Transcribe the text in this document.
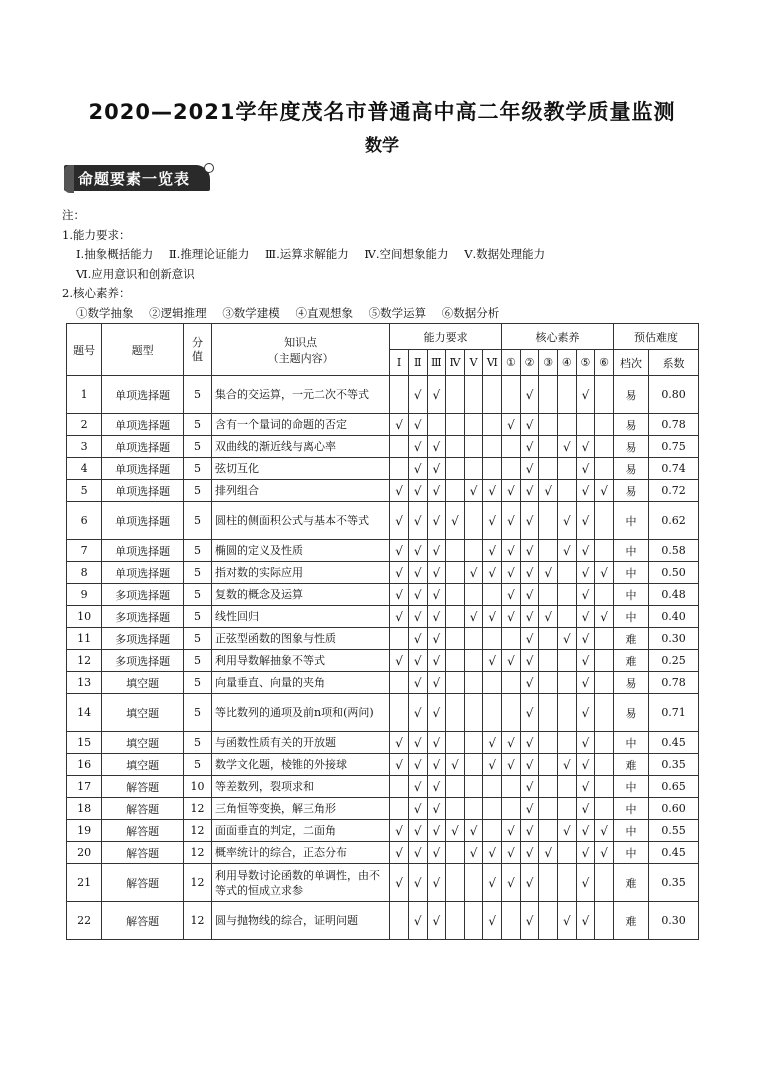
2020—2021学年度茂名市普通高中高二年级教学质量监测
数学
命题要素一览表
注：
1.能力要求：
Ⅰ.抽象概括能力 Ⅱ.推理论证能力 Ⅲ.运算求解能力 Ⅳ.空间想象能力 Ⅴ.数据处理能力
Ⅵ.应用意识和创新意识
2.核心素养：
①数学抽象 ②逻辑推理 ③数学建模 ④直观想象 ⑤数学运算 ⑥数据分析
题号	题型	分值	知识点
（主题内容）	能力要求						核心素养						预估难度	
				Ⅰ	Ⅱ	Ⅲ	Ⅳ	Ⅴ	Ⅵ	①	②	③	④	⑤	⑥	档次	系数
1	单项选择题	5	集合的交运算，一元二次不等式		√	√					√			√		易	0.80
2	单项选择题	5	含有一个量词的命题的否定	√	√					√	√					易	0.78
3	单项选择题	5	双曲线的渐近线与离心率		√	√					√		√	√		易	0.75
4	单项选择题	5	弦切互化		√	√					√			√		易	0.74
5	单项选择题	5	排列组合	√	√	√		√	√	√	√	√		√	√	易	0.72
6	单项选择题	5	圆柱的侧面积公式与基本不等式	√	√	√	√		√	√	√		√	√		中	0.62
7	单项选择题	5	椭圆的定义及性质	√	√	√			√	√	√		√	√		中	0.58
8	单项选择题	5	指对数的实际应用	√	√	√		√	√	√	√	√		√	√	中	0.50
9	多项选择题	5	复数的概念及运算	√	√	√				√	√			√		中	0.48
10	多项选择题	5	线性回归	√	√	√		√	√	√	√	√		√	√	中	0.40
11	多项选择题	5	正弦型函数的图象与性质		√	√					√		√	√		难	0.30
12	多项选择题	5	利用导数解抽象不等式	√	√	√			√	√	√			√		难	0.25
13	填空题	5	向量垂直、向量的夹角		√	√					√			√		易	0.78
14	填空题	5	等比数列的通项及前n项和(两问)		√	√					√			√		易	0.71
15	填空题	5	与函数性质有关的开放题	√	√	√			√	√	√			√		中	0.45
16	填空题	5	数学文化题，棱锥的外接球	√	√	√	√		√	√	√		√	√		难	0.35
17	解答题	10	等差数列，裂项求和		√	√					√			√		中	0.65
18	解答题	12	三角恒等变换，解三角形		√	√					√			√		中	0.60
19	解答题	12	面面垂直的判定，二面角	√	√	√	√	√		√	√		√	√	√	中	0.55
20	解答题	12	概率统计的综合，正态分布	√	√	√		√	√	√	√	√		√	√	中	0.45
21	解答题	12	利用导数讨论函数的单调性，由不等式的恒成立求参	√	√	√			√	√	√			√		难	0.35
22	解答题	12	圆与抛物线的综合，证明问题		√	√			√		√		√	√		难	0.30
